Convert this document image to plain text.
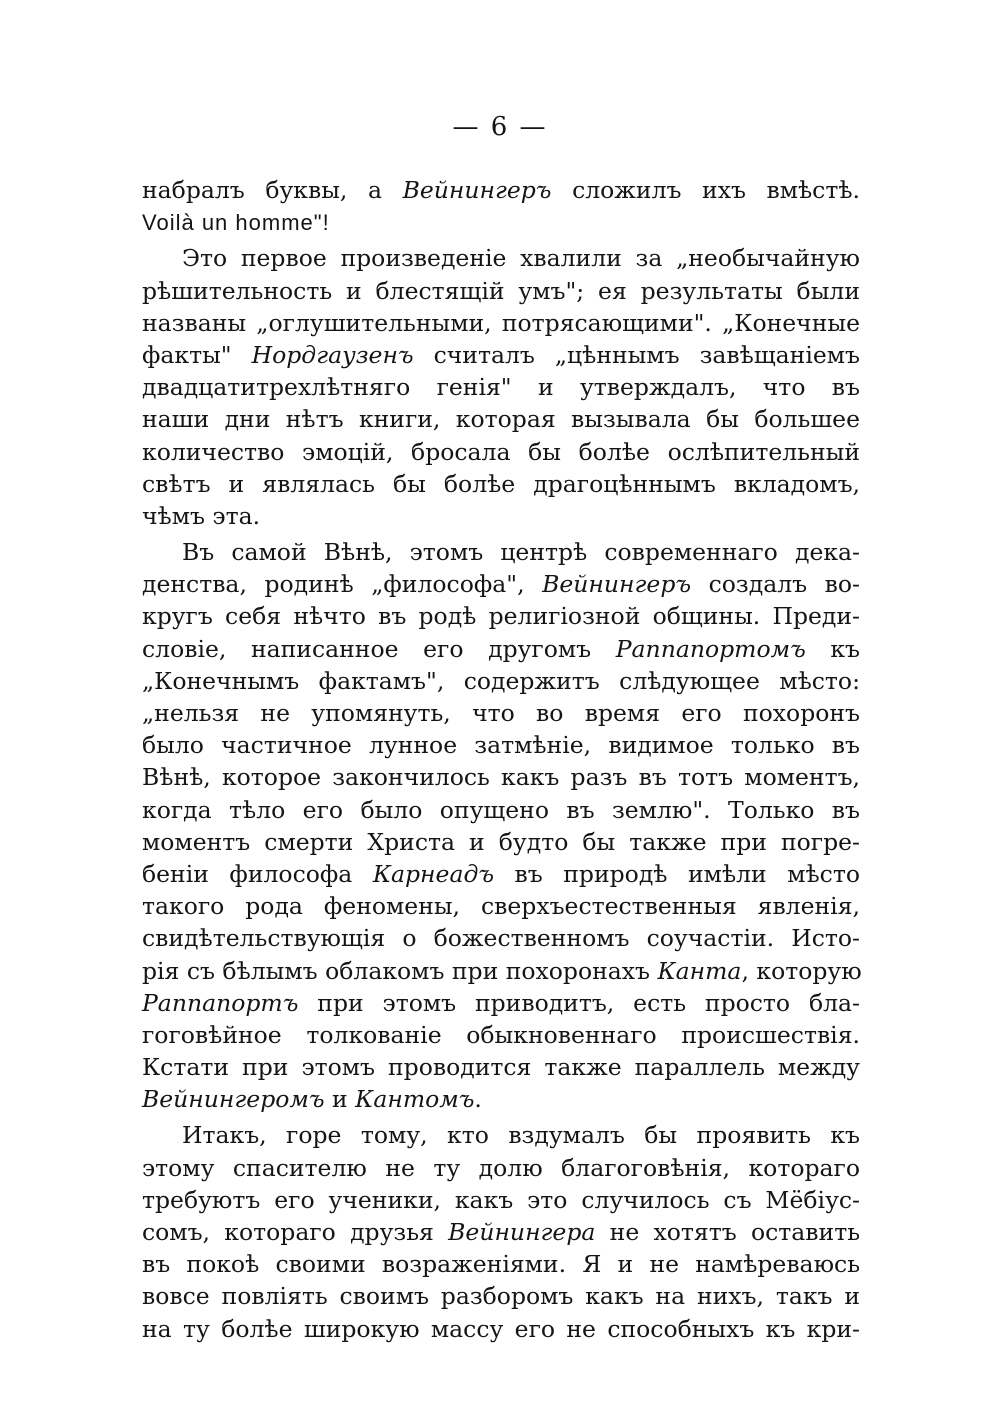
— 6 —
набралъ буквы, а Вейнингеръ сложилъ ихъ вмѣстѣ.
Voilà un homme"!
Это первое произведенiе хвалили за „необычайную
рѣшительность и блестящiй умъ"; ея результаты были
названы „оглушительными, потрясающими". „Конечные
факты" Нордгаузенъ считалъ „цѣннымъ завѣщанiемъ
двадцатитрехлѣтняго генiя" и утверждалъ, что въ
наши дни нѣтъ книги, которая вызывала бы большее
количество эмоцiй, бросала бы болѣе ослѣпительный
свѣтъ и являлась бы болѣе драгоцѣннымъ вкладомъ,
чѣмъ эта.
Въ самой Вѣнѣ, этомъ центрѣ современнаго дека-
денства, родинѣ „философа", Вейнингеръ создалъ во-
кругъ себя нѣчто въ родѣ религiозной общины. Преди-
словiе, написанное его другомъ Раппапортомъ къ
„Конечнымъ фактамъ", содержитъ слѣдующее мѣсто:
„нельзя не упомянуть, что во время его похоронъ
было частичное лунное затмѣнiе, видимое только въ
Вѣнѣ, которое закончилось какъ разъ въ тотъ моментъ,
когда тѣло его было опущено въ землю". Только въ
моментъ смерти Христа и будто бы также при погре-
бенiи философа Карнеадъ въ природѣ имѣли мѣсто
такого рода феномены, сверхъестественныя явленiя,
свидѣтельствующiя о божественномъ соучастiи. Исто-
рiя съ бѣлымъ облакомъ при похоронахъ Канта, которую
Раппапортъ при этомъ приводитъ, есть просто бла-
гоговѣйное толкованiе обыкновеннаго происшествiя.
Кстати при этомъ проводится также параллель между
Вейнингеромъ и Кантомъ.
Итакъ, горе тому, кто вздумалъ бы проявить къ
этому спасителю не ту долю благоговѣнiя, котораго
требуютъ его ученики, какъ это случилось съ Мёбiус-
сомъ, котораго друзья Вейнингера не хотятъ оставить
въ покоѣ своими возраженiями. Я и не намѣреваюсь
вовсе повлiять своимъ разборомъ какъ на нихъ, такъ и
на ту болѣе широкую массу его не способныхъ къ кри-
